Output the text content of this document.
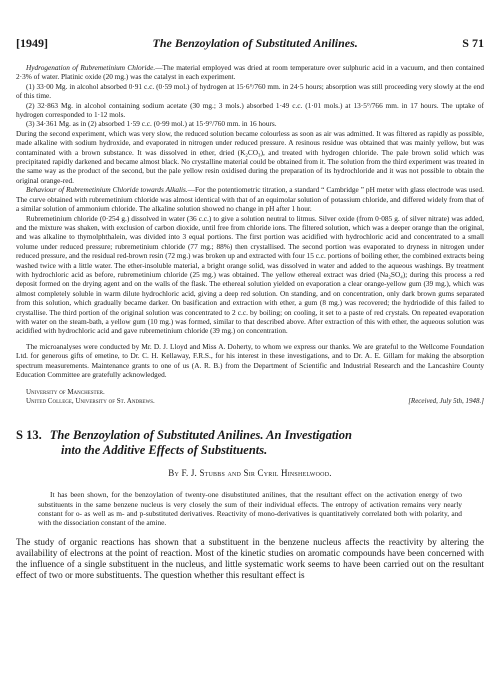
[1949]	The Benzoylation of Substituted Anilines.	S 71

Hydrogenation of Rubremetinium Chloride.—The material employed was dried at room temperature over sulphuric acid in a vacuum, and then contained 2·3% of water. Platinic oxide (20 mg.) was the catalyst in each experiment.

(1) 33·00 Mg. in alcohol absorbed 0·91 c.c. (0·59 mol.) of hydrogen at 15·6°/760 mm. in 24·5 hours; absorption was still proceeding very slowly at the end of this time.

(2) 32·863 Mg. in alcohol containing sodium acetate (30 mg.; 3 mols.) absorbed 1·49 c.c. (1·01 mols.) at 13·5°/766 mm. in 17 hours. The uptake of hydrogen corresponded to 1·12 mols.

(3) 34·361 Mg. as in (2) absorbed 1·59 c.c. (0·99 mol.) at 15·9°/760 mm. in 16 hours.

During the second experiment, which was very slow, the reduced solution became colourless as soon as air was admitted. It was filtered as rapidly as possible, made alkaline with sodium hydroxide, and evaporated in nitrogen under reduced pressure. A resinous residue was obtained that was mainly yellow, but was contaminated with a brown substance. It was dissolved in ether, dried (K₂CO₃), and treated with hydrogen chloride. The pale brown solid which was precipitated rapidly darkened and became almost black. No crystalline material could be obtained from it. The solution from the third experiment was treated in the same way as the product of the second, but the pale yellow resin oxidised during the preparation of its hydrochloride and it was not possible to obtain the original orange-red.

Behaviour of Rubremetinium Chloride towards Alkalis.—For the potentiometric titration, a standard “ Cambridge ” pH meter with glass electrode was used. The curve obtained with rubremetinium chloride was almost identical with that of an equimolar solution of potassium chloride, and differed widely from that of a similar solution of ammonium chloride. The alkaline solution showed no change in pH after 1 hour.

Rubremetinium chloride (0·254 g.) dissolved in water (36 c.c.) to give a solution neutral to litmus. Silver oxide (from 0·085 g. of silver nitrate) was added, and the mixture was shaken, with exclusion of carbon dioxide, until free from chloride ions. The filtered solution, which was a deeper orange than the original, and was alkaline to thymolphthalein, was divided into 3 equal portions. The first portion was acidified with hydrochloric acid and concentrated to a small volume under reduced pressure; rubremetinium chloride (77 mg.; 88%) then crystallised. The second portion was evaporated to dryness in nitrogen under reduced pressure, and the residual red-brown resin (72 mg.) was broken up and extracted with four 15 c.c. portions of boiling ether, the combined extracts being washed twice with a little water. The ether-insoluble material, a bright orange solid, was dissolved in water and added to the aqueous washings. By treatment with hydrochloric acid as before, rubremetinium chloride (25 mg.) was obtained. The yellow ethereal extract was dried (Na₂SO₄); during this process a red deposit formed on the drying agent and on the walls of the flask. The ethereal solution yielded on evaporation a clear orange-yellow gum (39 mg.), which was almost completely soluble in warm dilute hydrochloric acid, giving a deep red solution. On standing, and on concentration, only dark brown gums separated from this solution, which gradually became darker. On basification and extraction with ether, a gum (8 mg.) was recovered; the hydriodide of this failed to crystallise. The third portion of the original solution was concentrated to 2 c.c. by boiling; on cooling, it set to a paste of red crystals. On repeated evaporation with water on the steam-bath, a yellow gum (10 mg.) was formed, similar to that described above. After extraction of this with ether, the aqueous solution was acidified with hydrochloric acid and gave rubremetinium chloride (39 mg.) on concentration.

The microanalyses were conducted by Mr. D. J. Lloyd and Miss A. Doherty, to whom we express our thanks. We are grateful to the Wellcome Foundation Ltd. for generous gifts of emetine, to Dr. C. H. Kellaway, F.R.S., for his interest in these investigations, and to Dr. A. E. Gillam for making the absorption spectrum measurements. Maintenance grants to one of us (A. R. B.) from the Department of Scientific and Industrial Research and the Lancashire County Education Committee are gratefully acknowledged.

University of Manchester.
United College, University of St. Andrews.	[Received, July 5th, 1948.]
S 13. The Benzoylation of Substituted Anilines. An Investigation
into the Additive Effects of Substituents.
By F. J. Stubbs and Sir Cyril Hinshelwood.

It has been shown, for the benzoylation of twenty-one disubstituted anilines, that the resultant effect on the activation energy of two substituents in the same benzene nucleus is very closely the sum of their individual effects. The entropy of activation remains very nearly constant for o- as well as m- and p-substituted derivatives. Reactivity of mono-derivatives is quantitatively correlated both with polarity, and with the dissociation constant of the amine.

The study of organic reactions has shown that a substituent in the benzene nucleus affects the reactivity by altering the availability of electrons at the point of reaction. Most of the kinetic studies on aromatic compounds have been concerned with the influence of a single substituent in the nucleus, and little systematic work seems to have been carried out on the resultant effect of two or more substituents. The question whether this resultant effect is
